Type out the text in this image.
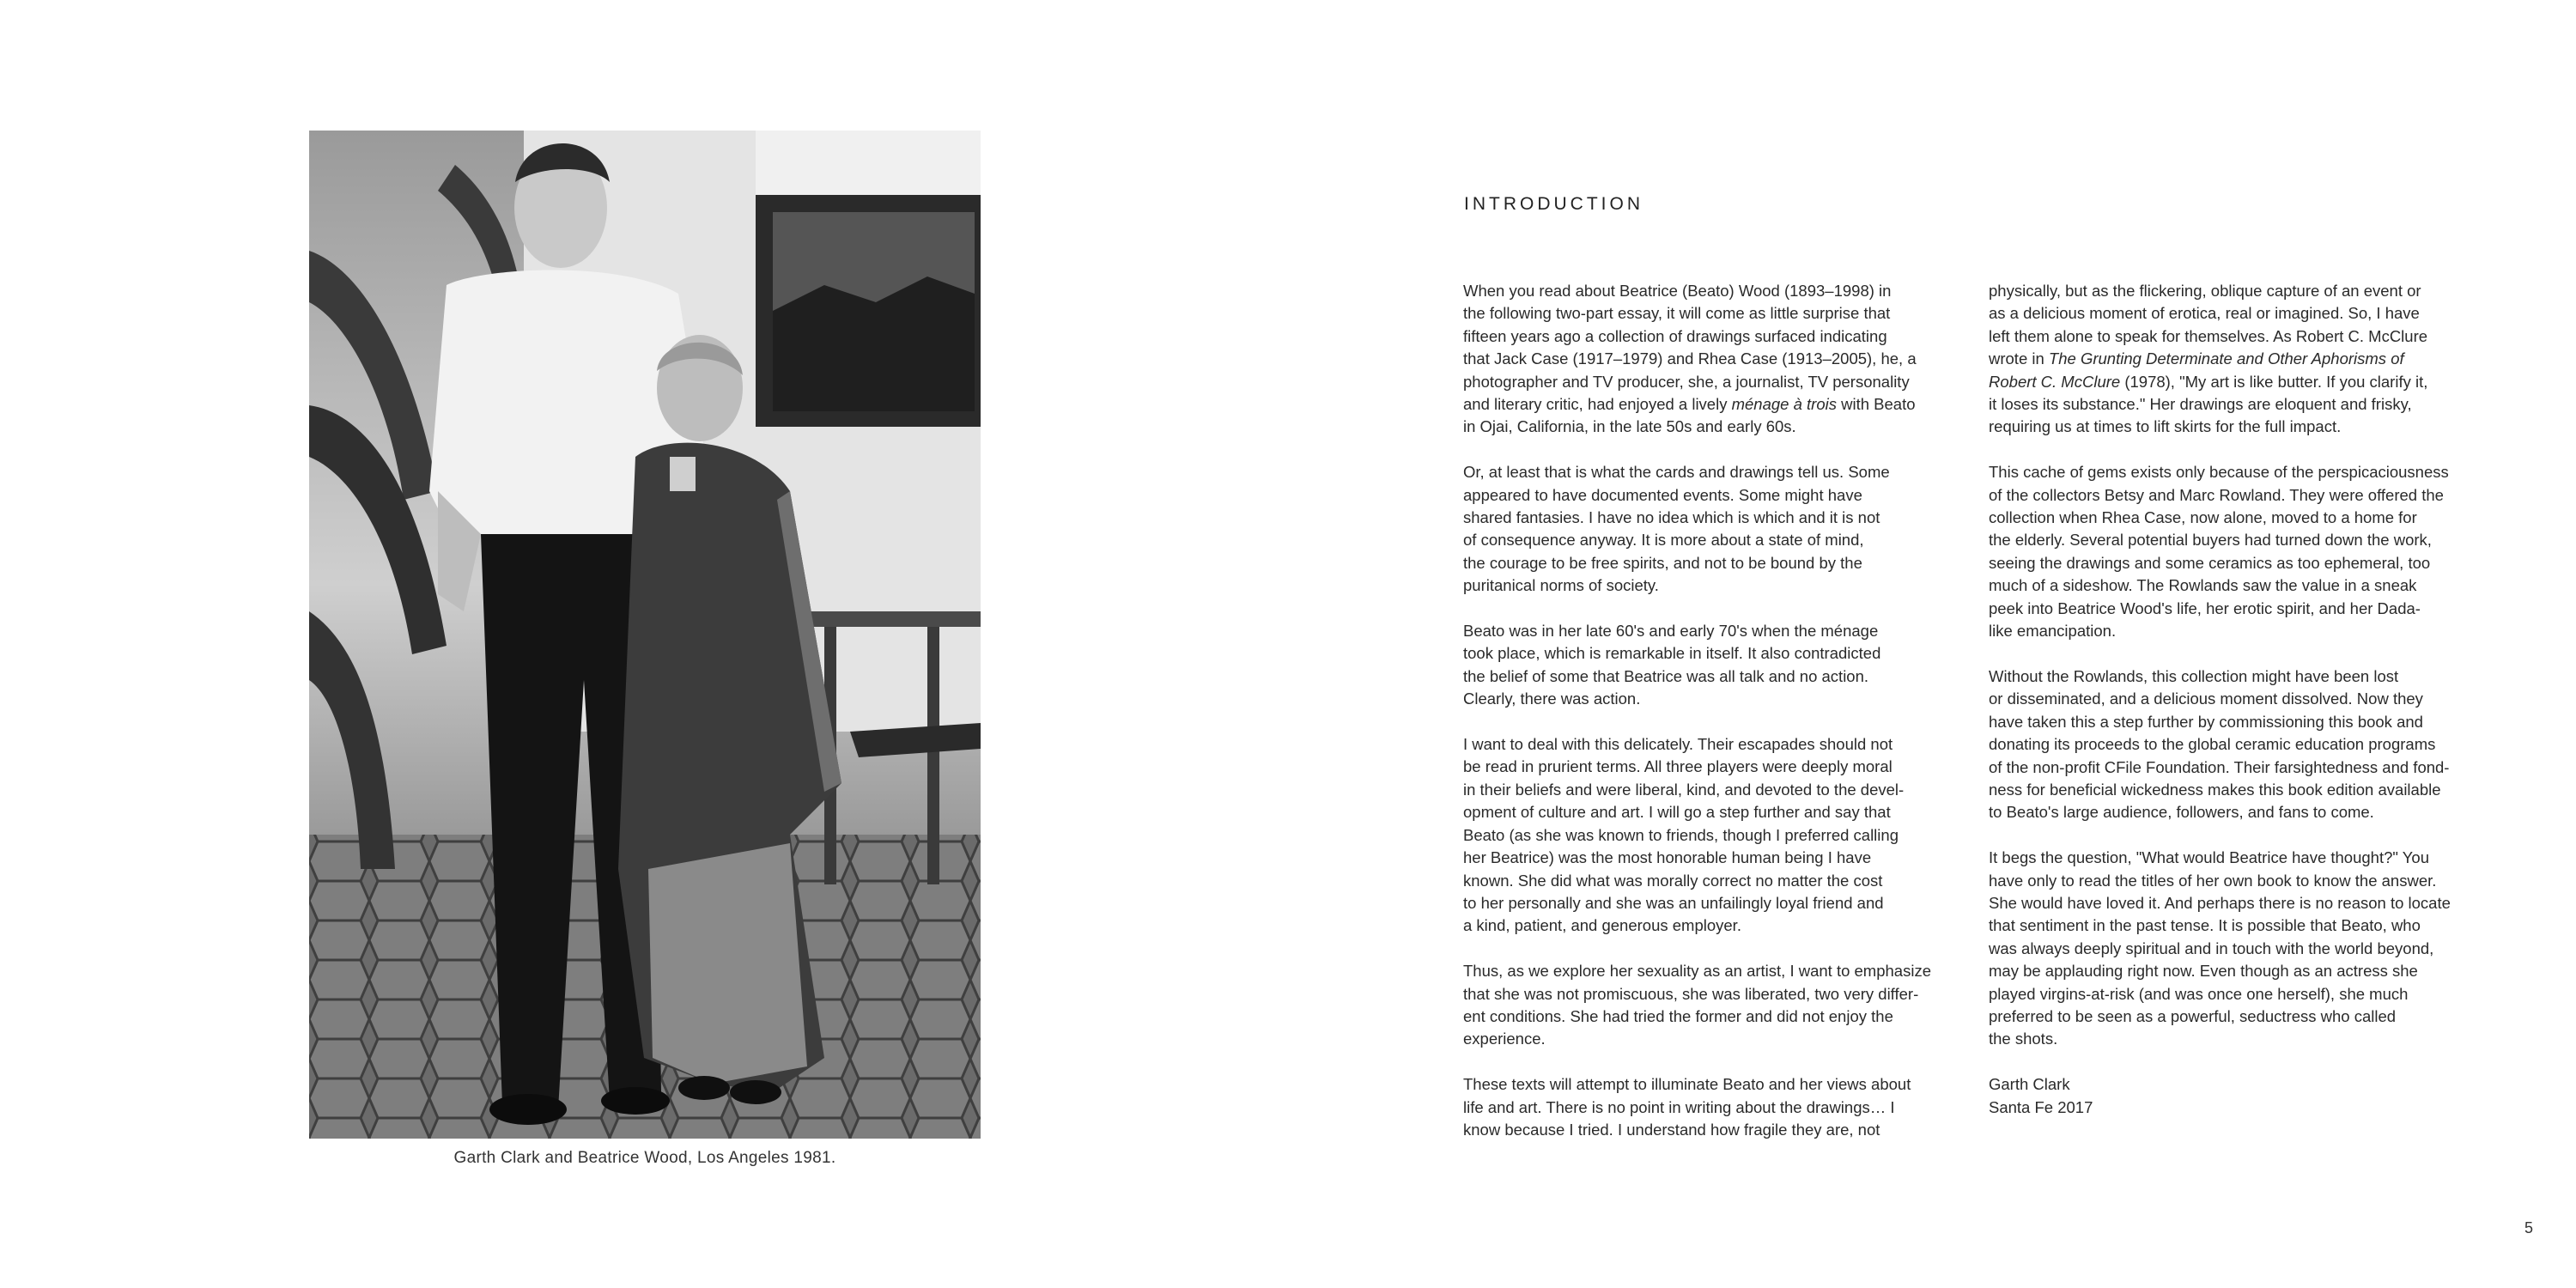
Garth Clark and Beatrice Wood, Los Angeles 1981.
INTRODUCTION
When you read about Beatrice (Beato) Wood (1893–1998) in
the following two-part essay, it will come as little surprise that
fifteen years ago a collection of drawings surfaced indicating
that Jack Case (1917–1979) and Rhea Case (1913–2005), he, a
photographer and TV producer, she, a journalist, TV personality
and literary critic, had enjoyed a lively ménage à trois with Beato
in Ojai, California, in the late 50s and early 60s.
Or, at least that is what the cards and drawings tell us. Some
appeared to have documented events. Some might have
shared fantasies. I have no idea which is which and it is not
of consequence anyway. It is more about a state of mind,
the courage to be free spirits, and not to be bound by the
puritanical norms of society.
Beato was in her late 60's and early 70's when the ménage
took place, which is remarkable in itself. It also contradicted
the belief of some that Beatrice was all talk and no action.
Clearly, there was action.
I want to deal with this delicately. Their escapades should not
be read in prurient terms. All three players were deeply moral
in their beliefs and were liberal, kind, and devoted to the devel-
opment of culture and art. I will go a step further and say that
Beato (as she was known to friends, though I preferred calling
her Beatrice) was the most honorable human being I have
known. She did what was morally correct no matter the cost
to her personally and she was an unfailingly loyal friend and
a kind, patient, and generous employer.
Thus, as we explore her sexuality as an artist, I want to emphasize
that she was not promiscuous, she was liberated, two very differ-
ent conditions. She had tried the former and did not enjoy the
experience.
These texts will attempt to illuminate Beato and her views about
life and art. There is no point in writing about the drawings… I
know because I tried. I understand how fragile they are, not
physically, but as the flickering, oblique capture of an event or
as a delicious moment of erotica, real or imagined. So, I have
left them alone to speak for themselves. As Robert C. McClure
wrote in The Grunting Determinate and Other Aphorisms of
Robert C. McClure (1978), "My art is like butter. If you clarify it,
it loses its substance." Her drawings are eloquent and frisky,
requiring us at times to lift skirts for the full impact.
This cache of gems exists only because of the perspicaciousness
of the collectors Betsy and Marc Rowland. They were offered the
collection when Rhea Case, now alone, moved to a home for
the elderly. Several potential buyers had turned down the work,
seeing the drawings and some ceramics as too ephemeral, too
much of a sideshow. The Rowlands saw the value in a sneak
peek into Beatrice Wood's life, her erotic spirit, and her Dada-
like emancipation.
Without the Rowlands, this collection might have been lost
or disseminated, and a delicious moment dissolved. Now they
have taken this a step further by commissioning this book and
donating its proceeds to the global ceramic education programs
of the non-profit CFile Foundation. Their farsightedness and fond-
ness for beneficial wickedness makes this book edition available
to Beato's large audience, followers, and fans to come.
It begs the question, "What would Beatrice have thought?" You
have only to read the titles of her own book to know the answer.
She would have loved it. And perhaps there is no reason to locate
that sentiment in the past tense. It is possible that Beato, who
was always deeply spiritual and in touch with the world beyond,
may be applauding right now. Even though as an actress she
played virgins-at-risk (and was once one herself), she much
preferred to be seen as a powerful, seductress who called
the shots.
Garth Clark
Santa Fe 2017
5
